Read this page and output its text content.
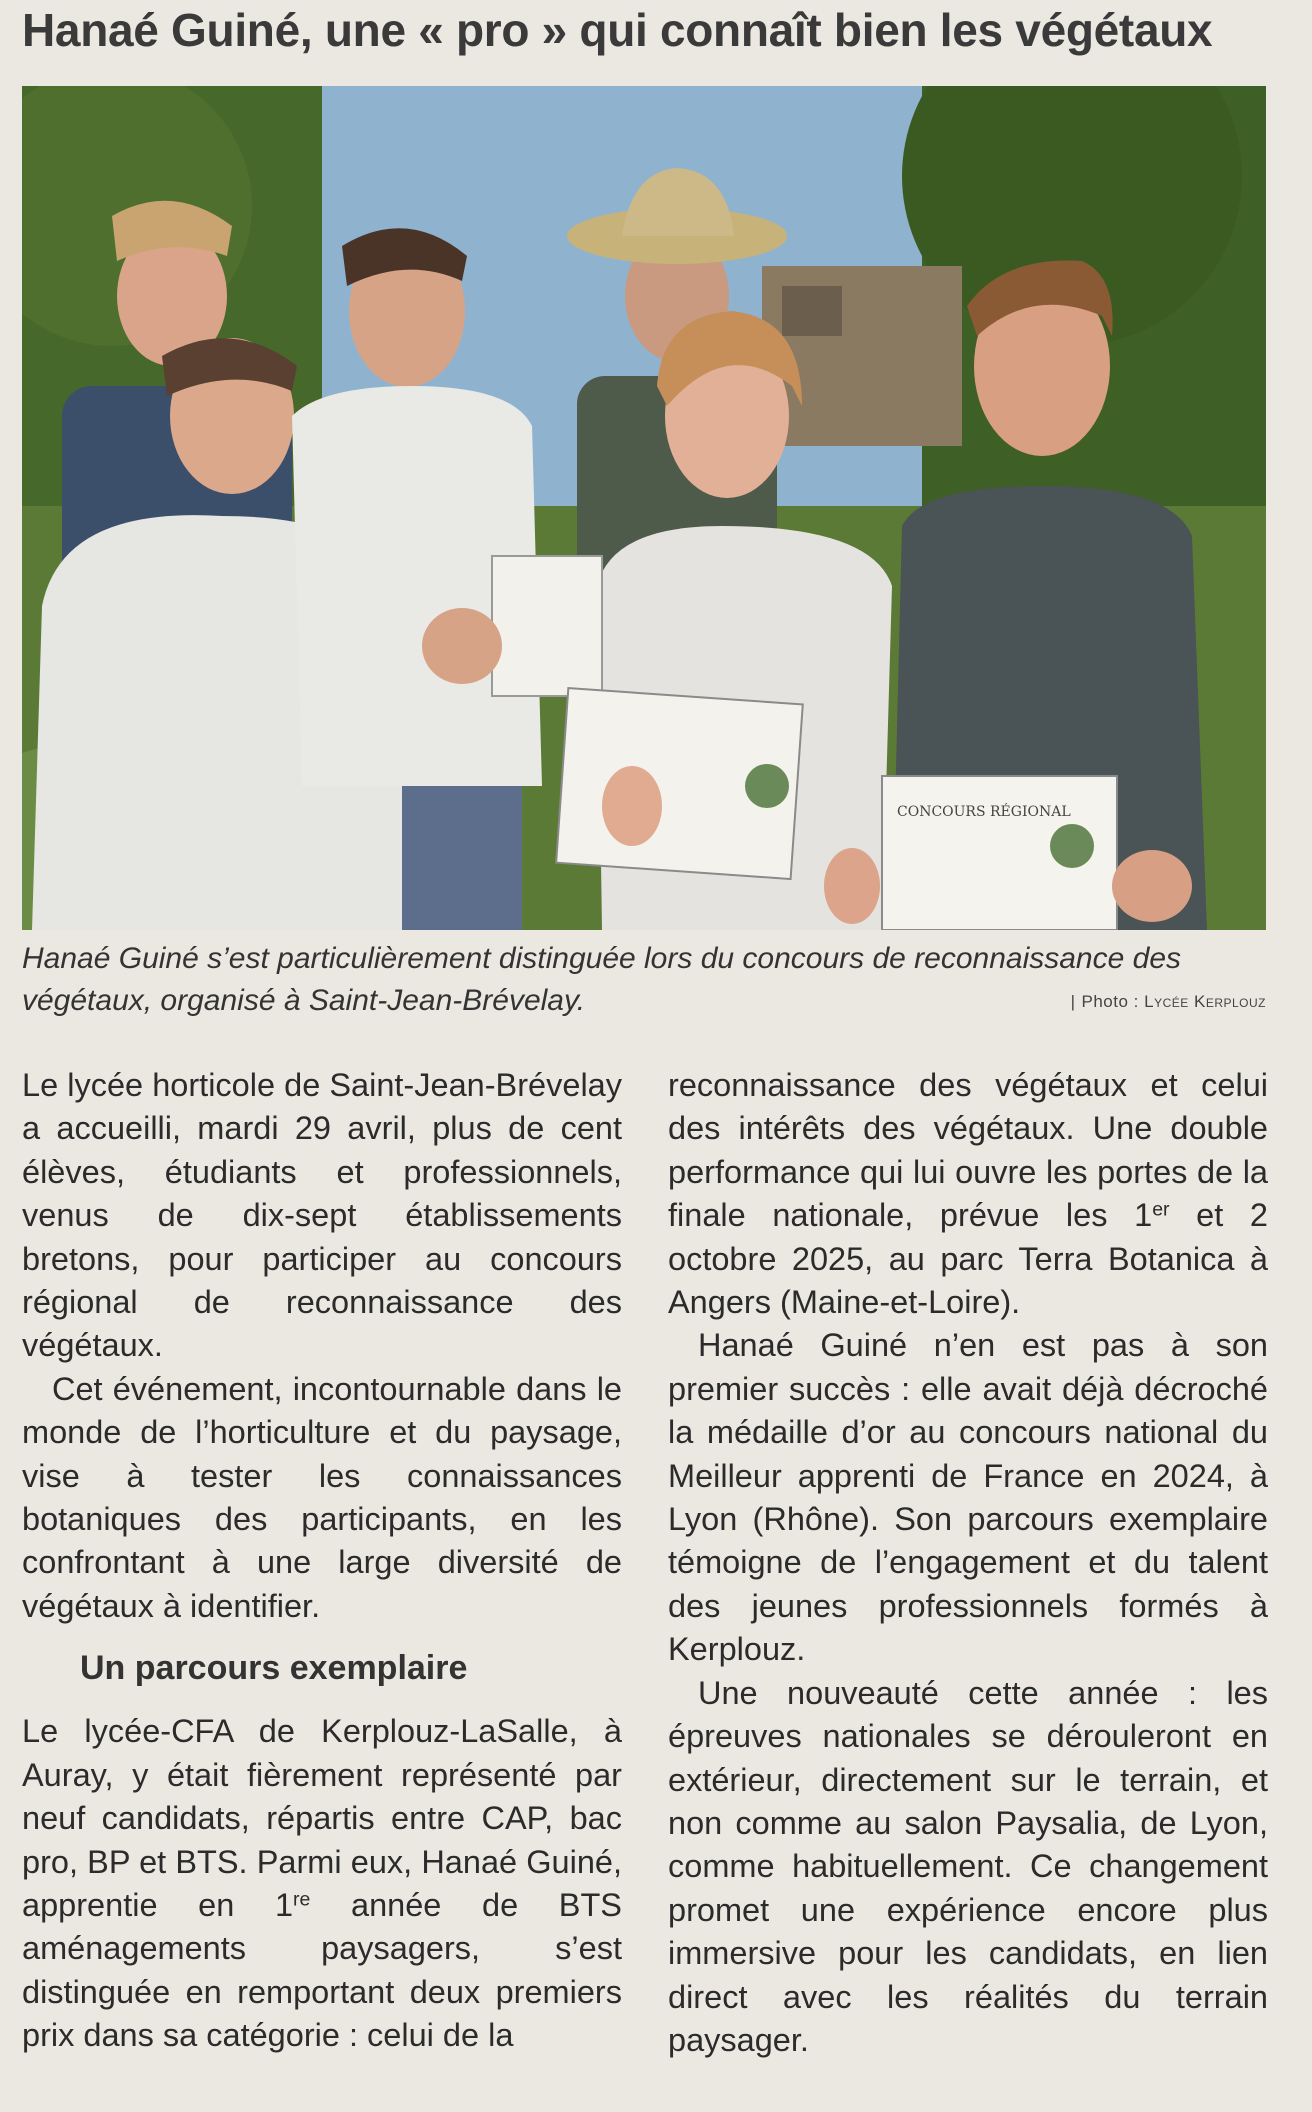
Hanaé Guiné, une « pro » qui connaît bien les végétaux
CONCOURS RÉGIONAL
Hanaé Guiné s’est particulièrement distinguée lors du concours de reconnaissance des végétaux, organisé à Saint-Jean-Brévelay.	| Photo : Lycée Kerplouz

Le lycée horticole de Saint-Jean-Brévelay a accueilli, mardi 29 avril, plus de cent élèves, étudiants et professionnels, venus de dix-sept établissements bretons, pour participer au concours régional de reconnaissance des végétaux.

Cet événement, incontournable dans le monde de l’horticulture et du paysage, vise à tester les connaissances botaniques des participants, en les confrontant à une large diversité de végétaux à identifier.

Un parcours exemplaire

Le lycée-CFA de Kerplouz-LaSalle, à Auray, y était fièrement représenté par neuf candidats, répartis entre CAP, bac pro, BP et BTS. Parmi eux, Hanaé Guiné, apprentie en 1re année de BTS aménagements paysagers, s’est distinguée en remportant deux premiers prix dans sa catégorie : celui de la

reconnaissance des végétaux et celui des intérêts des végétaux. Une double performance qui lui ouvre les portes de la finale nationale, prévue les 1er et 2 octobre 2025, au parc Terra Botanica à Angers (Maine-et-Loire).

Hanaé Guiné n’en est pas à son premier succès : elle avait déjà décroché la médaille d’or au concours national du Meilleur apprenti de France en 2024, à Lyon (Rhône). Son parcours exemplaire témoigne de l’engagement et du talent des jeunes professionnels formés à Kerplouz.

Une nouveauté cette année : les épreuves nationales se dérouleront en extérieur, directement sur le terrain, et non comme au salon Paysalia, de Lyon, comme habituellement. Ce changement promet une expérience encore plus immersive pour les candidats, en lien direct avec les réalités du terrain paysager.
